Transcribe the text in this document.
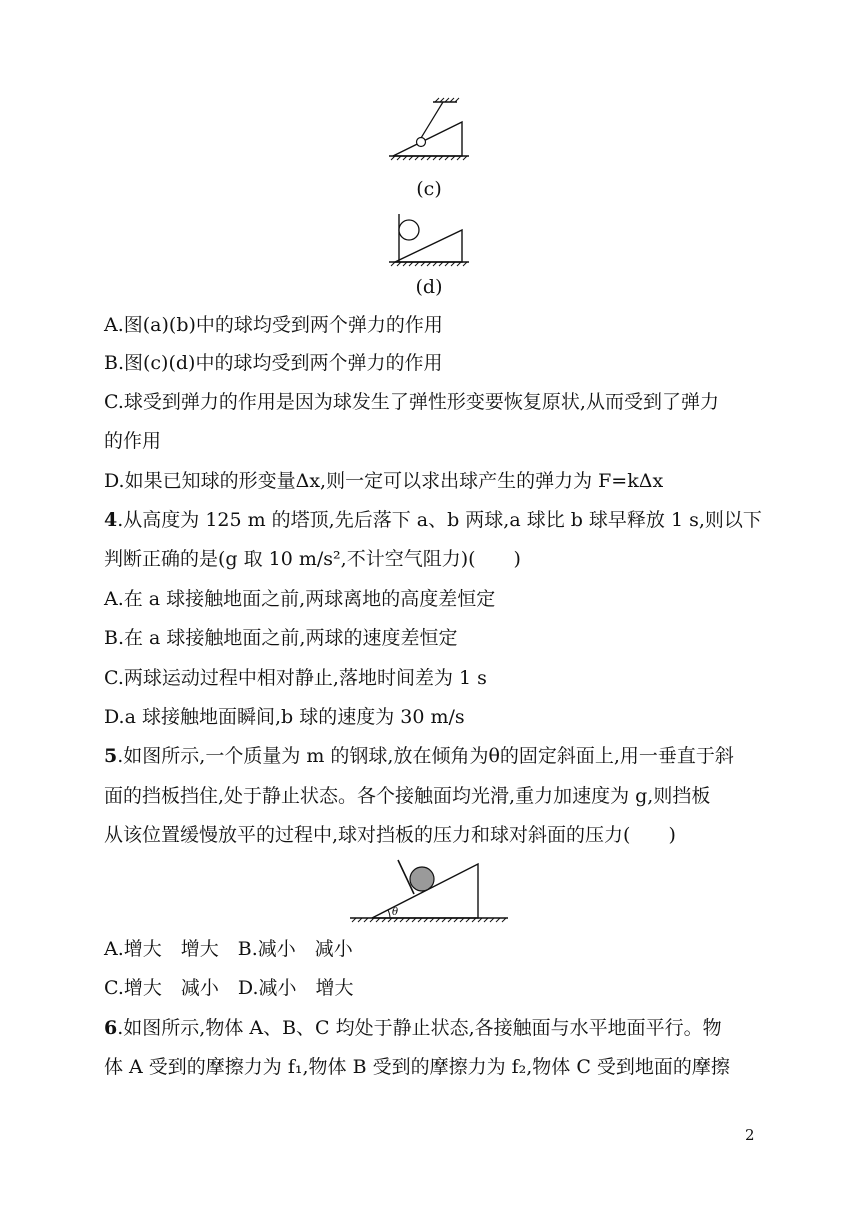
(c)
(d)
A.图(a)(b)中的球均受到两个弹力的作用
B.图(c)(d)中的球均受到两个弹力的作用
C.球受到弹力的作用是因为球发生了弹性形变要恢复原状,从而受到了弹力
的作用
D.如果已知球的形变量Δx,则一定可以求出球产生的弹力为 F=kΔx
4.从高度为 125 m 的塔顶,先后落下 a、b 两球,a 球比 b 球早释放 1 s,则以下
判断正确的是(g 取 10 m/s²,不计空气阻力)(　　)
A.在 a 球接触地面之前,两球离地的高度差恒定
B.在 a 球接触地面之前,两球的速度差恒定
C.两球运动过程中相对静止,落地时间差为 1 s
D.a 球接触地面瞬间,b 球的速度为 30 m/s
5.如图所示,一个质量为 m 的钢球,放在倾角为θ的固定斜面上,用一垂直于斜
面的挡板挡住,处于静止状态。各个接触面均光滑,重力加速度为 g,则挡板
从该位置缓慢放平的过程中,球对挡板的压力和球对斜面的压力(　　)
θ
A.增大　增大　B.减小　减小
C.增大　减小　D.减小　增大
6.如图所示,物体 A、B、C 均处于静止状态,各接触面与水平地面平行。物
体 A 受到的摩擦力为 f₁,物体 B 受到的摩擦力为 f₂,物体 C 受到地面的摩擦
2
